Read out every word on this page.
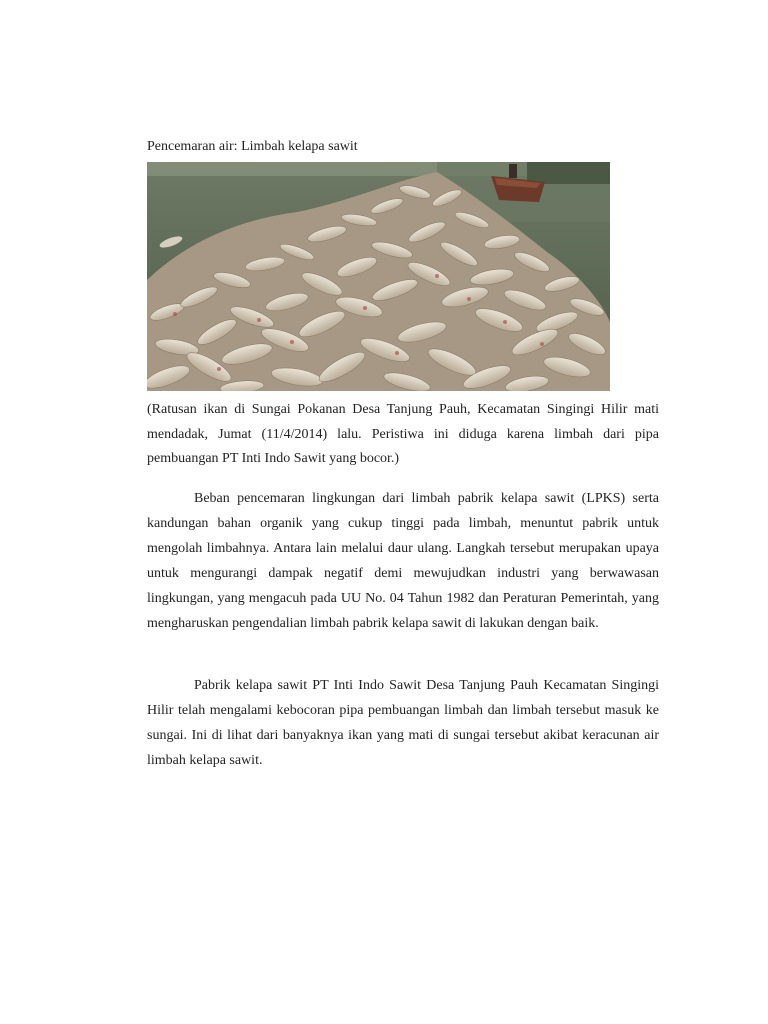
Pencemaran air: Limbah kelapa sawit

(Ratusan ikan di Sungai Pokanan Desa Tanjung Pauh, Kecamatan Singingi Hilir mati mendadak, Jumat (11/4/2014) lalu. Peristiwa ini diduga karena limbah dari pipa pembuangan PT Inti Indo Sawit yang bocor.)

Beban pencemaran lingkungan dari limbah pabrik kelapa sawit (LPKS) serta kandungan bahan organik yang cukup tinggi pada limbah, menuntut pabrik untuk mengolah limbahnya. Antara lain melalui daur ulang. Langkah tersebut merupakan upaya untuk mengurangi dampak negatif demi mewujudkan industri yang berwawasan lingkungan, yang mengacuh pada UU No. 04 Tahun 1982 dan Peraturan Pemerintah, yang mengharuskan pengendalian limbah pabrik kelapa sawit di lakukan dengan baik.

Pabrik kelapa sawit PT Inti Indo Sawit Desa Tanjung Pauh Kecamatan Singingi Hilir telah mengalami kebocoran pipa pembuangan limbah dan limbah tersebut masuk ke sungai. Ini di lihat dari banyaknya ikan yang mati di sungai tersebut akibat keracunan air limbah kelapa sawit.
